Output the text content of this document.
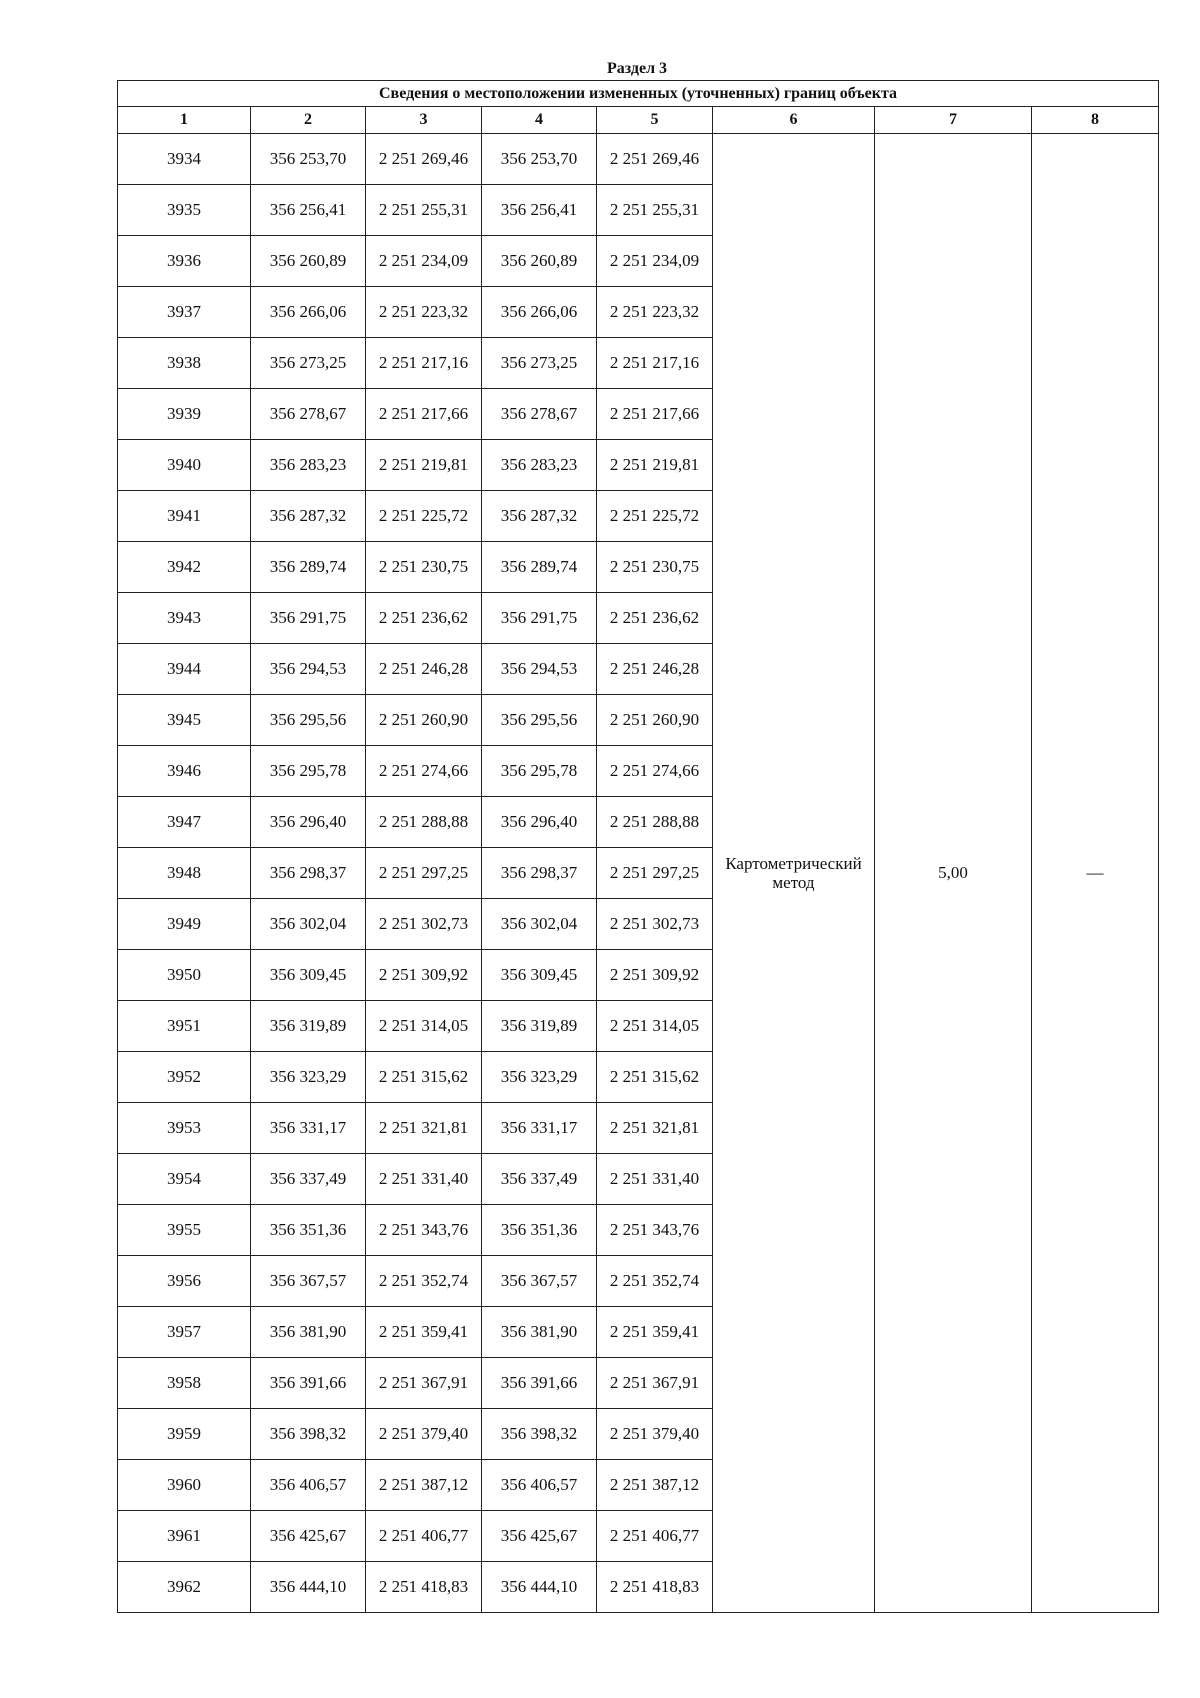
Раздел 3
Сведения о местоположении измененных (уточненных) границ объекта							
1	2	3	4	5	6	7	8
3934	356 253,70	2 251 269,46	356 253,70	2 251 269,46	Картометрический метод	5,00	—
3935	356 256,41	2 251 255,31	356 256,41	2 251 255,31			
3936	356 260,89	2 251 234,09	356 260,89	2 251 234,09			
3937	356 266,06	2 251 223,32	356 266,06	2 251 223,32			
3938	356 273,25	2 251 217,16	356 273,25	2 251 217,16			
3939	356 278,67	2 251 217,66	356 278,67	2 251 217,66			
3940	356 283,23	2 251 219,81	356 283,23	2 251 219,81			
3941	356 287,32	2 251 225,72	356 287,32	2 251 225,72			
3942	356 289,74	2 251 230,75	356 289,74	2 251 230,75			
3943	356 291,75	2 251 236,62	356 291,75	2 251 236,62			
3944	356 294,53	2 251 246,28	356 294,53	2 251 246,28			
3945	356 295,56	2 251 260,90	356 295,56	2 251 260,90			
3946	356 295,78	2 251 274,66	356 295,78	2 251 274,66			
3947	356 296,40	2 251 288,88	356 296,40	2 251 288,88			
3948	356 298,37	2 251 297,25	356 298,37	2 251 297,25			
3949	356 302,04	2 251 302,73	356 302,04	2 251 302,73			
3950	356 309,45	2 251 309,92	356 309,45	2 251 309,92			
3951	356 319,89	2 251 314,05	356 319,89	2 251 314,05			
3952	356 323,29	2 251 315,62	356 323,29	2 251 315,62			
3953	356 331,17	2 251 321,81	356 331,17	2 251 321,81			
3954	356 337,49	2 251 331,40	356 337,49	2 251 331,40			
3955	356 351,36	2 251 343,76	356 351,36	2 251 343,76			
3956	356 367,57	2 251 352,74	356 367,57	2 251 352,74			
3957	356 381,90	2 251 359,41	356 381,90	2 251 359,41			
3958	356 391,66	2 251 367,91	356 391,66	2 251 367,91			
3959	356 398,32	2 251 379,40	356 398,32	2 251 379,40			
3960	356 406,57	2 251 387,12	356 406,57	2 251 387,12			
3961	356 425,67	2 251 406,77	356 425,67	2 251 406,77			
3962	356 444,10	2 251 418,83	356 444,10	2 251 418,83			
